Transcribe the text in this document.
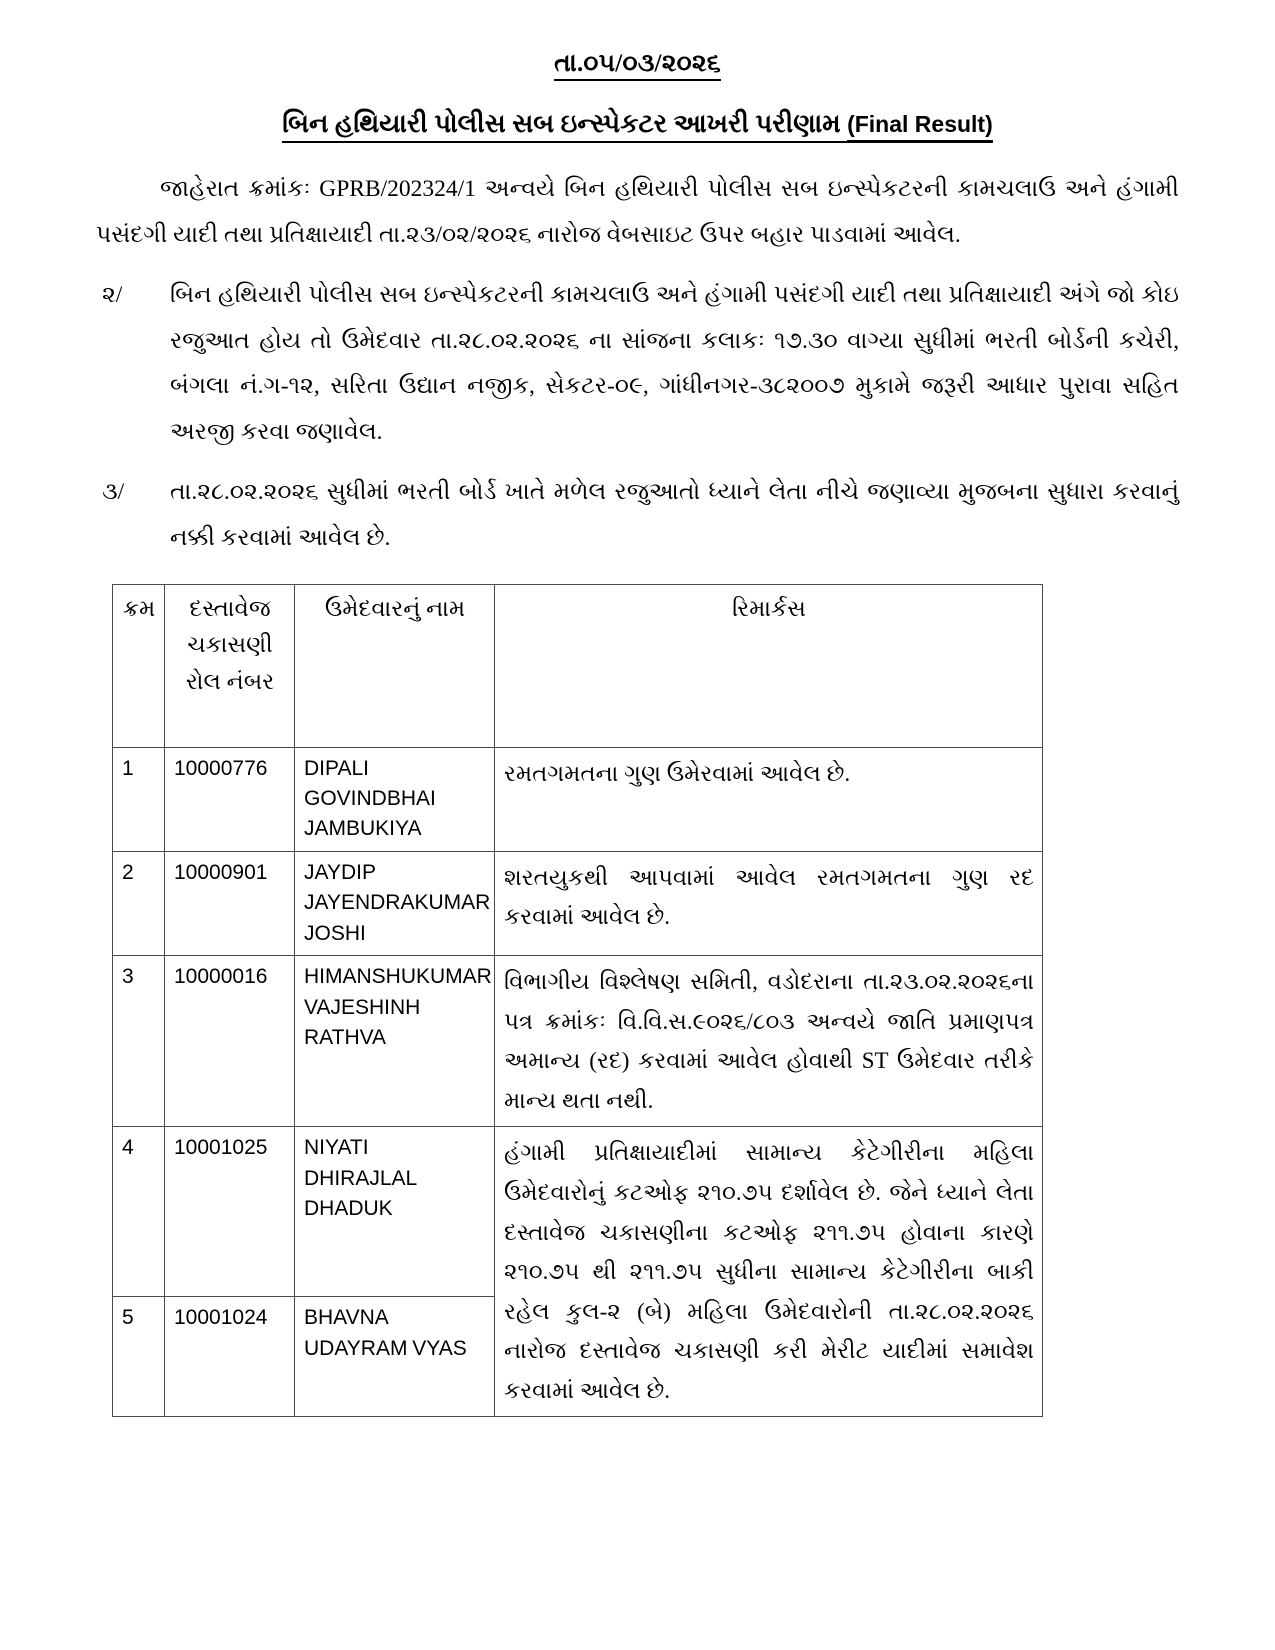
તા.૦૫/૦૩/૨૦૨૬
બિન હથિયારી પોલીસ સબ ઇન્સ્પેકટર આખરી પરીણામ (Final Result)

જાહેરાત ક્રમાંકઃ GPRB/202324/1 અન્વયે બિન હથિયારી પોલીસ સબ ઇન્સ્પેકટરની કામચલાઉ અને હંગામી પસંદગી યાદી તથા પ્રતિક્ષાયાદી તા.૨૩/૦૨/૨૦૨૬ નારોજ વેબસાઇટ ઉપર બહાર પાડવામાં આવેલ.

૨/	બિન હથિયારી પોલીસ સબ ઇન્સ્પેકટરની કામચલાઉ અને હંગામી પસંદગી યાદી તથા પ્રતિક્ષાયાદી અંગે જો કોઇ રજુઆત હોય તો ઉમેદવાર તા.૨૮.૦૨.૨૦૨૬ ના સાંજના કલાકઃ ૧૭.૩૦ વાગ્યા સુધીમાં ભરતી બોર્ડની કચેરી, બંગલા નં.ગ-૧૨, સરિતા ઉદ્યાન નજીક, સેકટર-૦૯, ગાંધીનગર-૩૮૨૦૦૭ મુકામે જરૂરી આધાર પુરાવા સહિત અરજી કરવા જણાવેલ.
૩/	તા.૨૮.૦૨.૨૦૨૬ સુધીમાં ભરતી બોર્ડ ખાતે મળેલ રજુઆતો ધ્યાને લેતા નીચે જણાવ્યા મુજબના સુધારા કરવાનું નક્કી કરવામાં આવેલ છે.
ક્રમ	દસ્તાવેજ ચકાસણી રોલ નંબર	ઉમેદવારનું નામ	રિમાર્કસ
1	10000776	DIPALI GOVINDBHAI JAMBUKIYA	રમતગમતના ગુણ ઉમેરવામાં આવેલ છે.
2	10000901	JAYDIP JAYENDRAKUMAR JOSHI	શરતયુકથી આપવામાં આવેલ રમતગમતના ગુણ રદ કરવામાં આવેલ છે.
3	10000016	HIMANSHUKUMAR VAJESHINH RATHVA	વિભાગીય વિશ્લેષણ સમિતી, વડોદરાના તા.૨૩.૦૨.૨૦૨૬ના પત્ર ક્રમાંકઃ વિ.વિ.સ.૯૦૨૬/૮૦૩ અન્વયે જાતિ પ્રમાણપત્ર અમાન્ય (રદ) કરવામાં આવેલ હોવાથી ST ઉમેદવાર તરીકે માન્ય થતા નથી.
4	10001025	NIYATI DHIRAJLAL DHADUK	હંગામી પ્રતિક્ષાયાદીમાં સામાન્ય કેટેગીરીના મહિલા ઉમેદવારોનું કટઓફ ૨૧૦.૭૫ દર્શાવેલ છે. જેને ધ્યાને લેતા દસ્તાવેજ ચકાસણીના કટઓફ ૨૧૧.૭૫ હોવાના કારણે ૨૧૦.૭૫ થી ૨૧૧.૭૫ સુધીના સામાન્ય કેટેગીરીના બાકી રહેલ કુલ-૨ (બે) મહિલા ઉમેદવારોની તા.૨૮.૦૨.૨૦૨૬ નારોજ દસ્તાવેજ ચકાસણી કરી મેરીટ યાદીમાં સમાવેશ કરવામાં આવેલ છે.
5	10001024	BHAVNA UDAYRAM VYAS	
